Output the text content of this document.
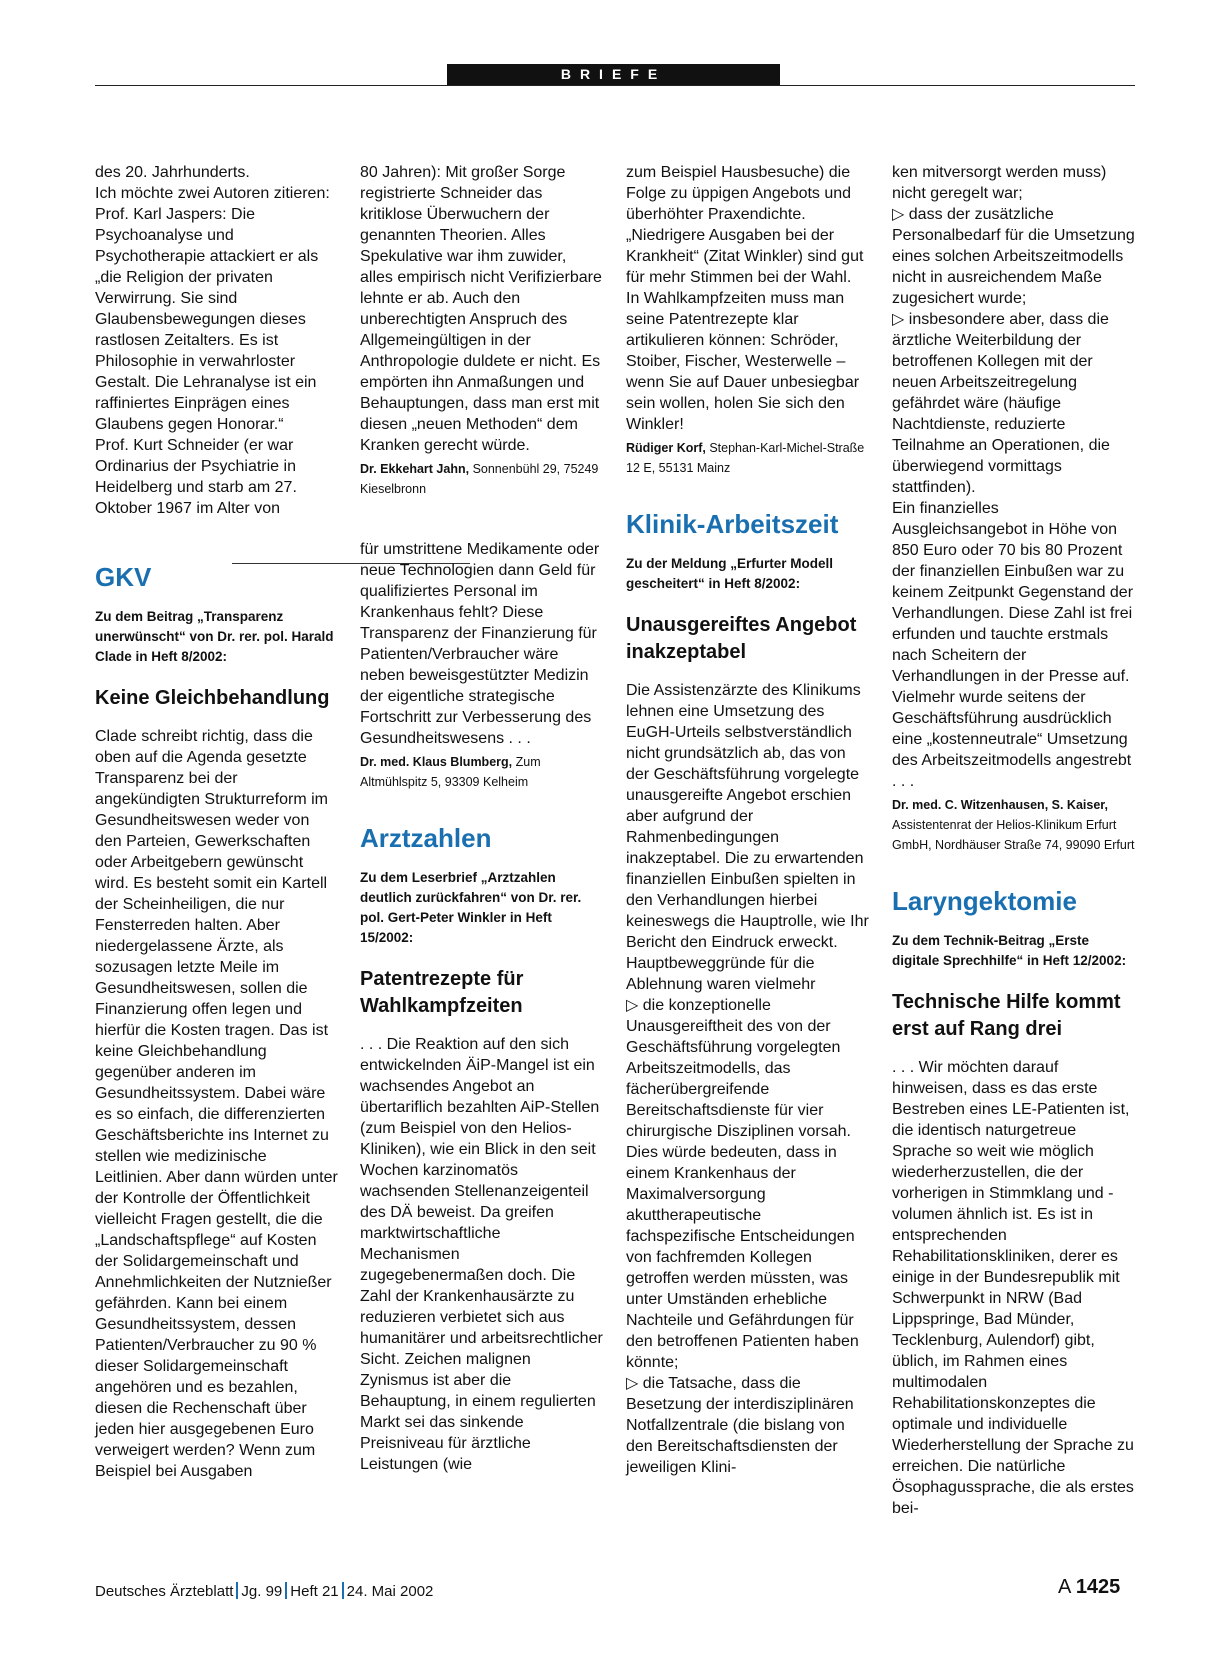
BRIEFE

des 20. Jahrhunderts.

Ich möchte zwei Autoren zitieren:

Prof. Karl Jaspers: Die Psychoanalyse und Psychotherapie attackiert er als „die Religion der privaten Verwirrung. Sie sind Glaubensbewegungen dieses rastlosen Zeitalters. Es ist Philosophie in verwahrloster Gestalt. Die Lehranalyse ist ein raffiniertes Einprägen eines Glaubens gegen Honorar.“

Prof. Kurt Schneider (er war Ordinarius der Psychiatrie in Heidelberg und starb am 27. Oktober 1967 im Alter von

GKV

Zu dem Beitrag „Transparenz unerwünscht“ von Dr. rer. pol. Harald Clade in Heft 8/2002:

Keine Gleichbehandlung

Clade schreibt richtig, dass die oben auf die Agenda gesetzte Transparenz bei der angekündigten Strukturreform im Gesundheitswesen weder von den Parteien, Gewerkschaften oder Arbeitgebern gewünscht wird. Es besteht somit ein Kartell der Scheinheiligen, die nur Fensterreden halten. Aber niedergelassene Ärzte, als sozusagen letzte Meile im Gesundheitswesen, sollen die Finanzierung offen legen und hierfür die Kosten tragen. Das ist keine Gleichbehandlung gegenüber anderen im Gesundheitssystem. Dabei wäre es so einfach, die differenzierten Geschäftsberichte ins Internet zu stellen wie medizinische Leitlinien. Aber dann würden unter der Kontrolle der Öffentlichkeit vielleicht Fragen gestellt, die die „Landschaftspflege“ auf Kosten der Solidargemeinschaft und Annehmlichkeiten der Nutznießer gefährden. Kann bei einem Gesundheitssystem, dessen Patienten/Verbraucher zu 90 % dieser Solidargemeinschaft angehören und es bezahlen, diesen die Rechenschaft über jeden hier ausgegebenen Euro verweigert werden? Wenn zum Beispiel bei Ausgaben

80 Jahren): Mit großer Sorge registrierte Schneider das kritiklose Überwuchern der genannten Theorien. Alles Spekulative war ihm zuwider, alles empirisch nicht Verifizierbare lehnte er ab. Auch den unberechtigten Anspruch des Allgemeingültigen in der Anthropologie duldete er nicht. Es empörten ihn Anmaßungen und Behauptungen, dass man erst mit diesen „neuen Methoden“ dem Kranken gerecht würde.

Dr. Ekkehart Jahn, Sonnenbühl 29, 75249 Kieselbronn

für umstrittene Medikamente oder neue Technologien dann Geld für qualifiziertes Personal im Krankenhaus fehlt? Diese Transparenz der Finanzierung für Patienten/Verbraucher wäre neben beweisgestützter Medizin der eigentliche strategische Fortschritt zur Verbesserung des Gesundheitswesens . . .

Dr. med. Klaus Blumberg, Zum Altmühlspitz 5, 93309 Kelheim

Arztzahlen

Zu dem Leserbrief „Arztzahlen deutlich zurückfahren“ von Dr. rer. pol. Gert-Peter Winkler in Heft 15/2002:

Patentrezepte für Wahlkampfzeiten

. . . Die Reaktion auf den sich entwickelnden ÄiP-Mangel ist ein wachsendes Angebot an übertariflich bezahlten AiP-Stellen (zum Beispiel von den Helios-Kliniken), wie ein Blick in den seit Wochen karzinomatös wachsenden Stellenanzeigenteil des DÄ beweist. Da greifen marktwirtschaftliche Mechanismen zugegebenermaßen doch. Die Zahl der Krankenhausärzte zu reduzieren verbietet sich aus humanitärer und arbeitsrechtlicher Sicht. Zeichen malignen Zynismus ist aber die Behauptung, in einem regulierten Markt sei das sinkende Preisniveau für ärztliche Leistungen (wie

zum Beispiel Hausbesuche) die Folge zu üppigen Angebots und überhöhter Praxendichte. „Niedrigere Ausgaben bei der Krankheit“ (Zitat Winkler) sind gut für mehr Stimmen bei der Wahl. In Wahlkampfzeiten muss man seine Patentrezepte klar artikulieren können: Schröder, Stoiber, Fischer, Westerwelle – wenn Sie auf Dauer unbesiegbar sein wollen, holen Sie sich den Winkler!

Rüdiger Korf, Stephan-Karl-Michel-Straße 12 E, 55131 Mainz

Klinik-Arbeitszeit

Zu der Meldung „Erfurter Modell gescheitert“ in Heft 8/2002:

Unausgereiftes Angebot inakzeptabel

Die Assistenzärzte des Klinikums lehnen eine Umsetzung des EuGH-Urteils selbstverständlich nicht grundsätzlich ab, das von der Geschäftsführung vorgelegte unausgereifte Angebot erschien aber aufgrund der Rahmenbedingungen inakzeptabel. Die zu erwartenden finanziellen Einbußen spielten in den Verhandlungen hierbei keineswegs die Hauptrolle, wie Ihr Bericht den Eindruck erweckt. Hauptbeweggründe für die Ablehnung waren vielmehr

▷ die konzeptionelle Unausgereiftheit des von der Geschäftsführung vorgelegten Arbeitszeitmodells, das fächerübergreifende Bereitschaftsdienste für vier chirurgische Disziplinen vorsah. Dies würde bedeuten, dass in einem Krankenhaus der Maximalversorgung akuttherapeutische fachspezifische Entscheidungen von fachfremden Kollegen getroffen werden müssten, was unter Umständen erhebliche Nachteile und Gefährdungen für den betroffenen Patienten haben könnte;

▷ die Tatsache, dass die Besetzung der interdisziplinären Notfallzentrale (die bislang von den Bereitschaftsdiensten der jeweiligen Klini-

ken mitversorgt werden muss) nicht geregelt war;

▷ dass der zusätzliche Personalbedarf für die Umsetzung eines solchen Arbeitszeitmodells nicht in ausreichendem Maße zugesichert wurde;

▷ insbesondere aber, dass die ärztliche Weiterbildung der betroffenen Kollegen mit der neuen Arbeitszeitregelung gefährdet wäre (häufige Nachtdienste, reduzierte Teilnahme an Operationen, die überwiegend vormittags stattfinden).

Ein finanzielles Ausgleichsangebot in Höhe von 850 Euro oder 70 bis 80 Prozent der finanziellen Einbußen war zu keinem Zeitpunkt Gegenstand der Verhandlungen. Diese Zahl ist frei erfunden und tauchte erstmals nach Scheitern der Verhandlungen in der Presse auf. Vielmehr wurde seitens der Geschäftsführung ausdrücklich eine „kostenneutrale“ Umsetzung des Arbeitszeitmodells angestrebt . . .

Dr. med. C. Witzenhausen, S. Kaiser, Assistentenrat der Helios-Klinikum Erfurt GmbH, Nordhäuser Straße 74, 99090 Erfurt

Laryngektomie

Zu dem Technik-Beitrag „Erste digitale Sprechhilfe“ in Heft 12/2002:

Technische Hilfe kommt erst auf Rang drei

. . . Wir möchten darauf hinweisen, dass es das erste Bestreben eines LE-Patienten ist, die identisch naturgetreue Sprache so weit wie möglich wiederherzustellen, die der vorherigen in Stimmklang und -volumen ähnlich ist. Es ist in entsprechenden Rehabilitationskliniken, derer es einige in der Bundesrepublik mit Schwerpunkt in NRW (Bad Lippspringe, Bad Münder, Tecklenburg, Aulendorf) gibt, üblich, im Rahmen eines multimodalen Rehabilitationskonzeptes die optimale und individuelle Wiederherstellung der Sprache zu erreichen. Die natürliche Ösophagussprache, die als erstes bei-

Deutsches Ärzteblatt Jg. 99 Heft 21 24. Mai 2002	A 1425
